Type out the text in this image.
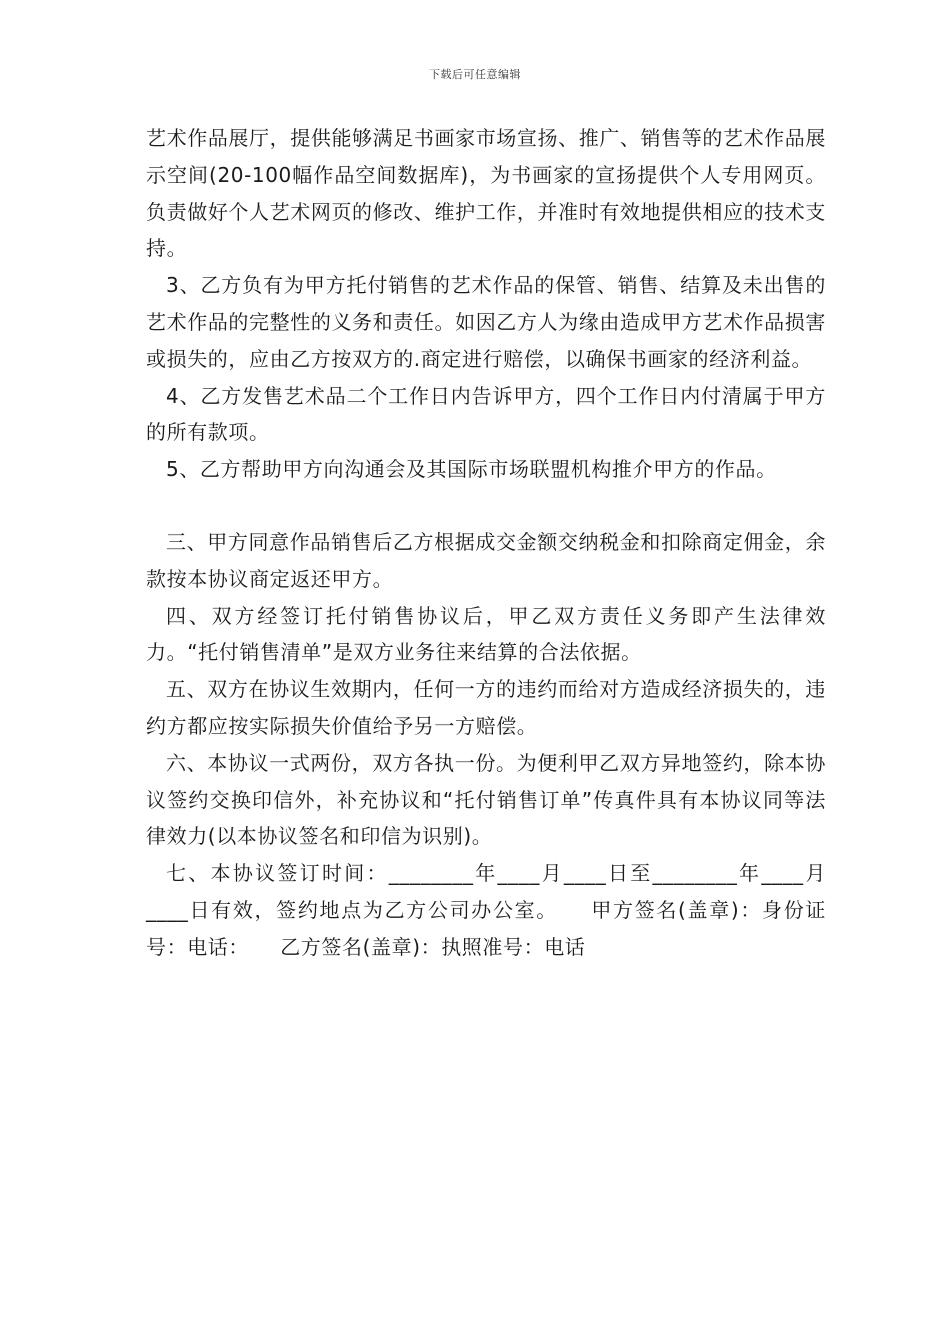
下载后可任意编辑

艺术作品展厅，提供能够满足书画家市场宣扬、推广、销售等的艺术作品展示空间(20-100幅作品空间数据库)，为书画家的宣扬提供个人专用网页。负责做好个人艺术网页的修改、维护工作，并准时有效地提供相应的技术支持。

3、乙方负有为甲方托付销售的艺术作品的保管、销售、结算及未出售的艺术作品的完整性的义务和责任。如因乙方人为缘由造成甲方艺术作品损害或损失的，应由乙方按双方的.商定进行赔偿，以确保书画家的经济利益。

4、乙方发售艺术品二个工作日内告诉甲方，四个工作日内付清属于甲方的所有款项。

5、乙方帮助甲方向沟通会及其国际市场联盟机构推介甲方的作品。

三、甲方同意作品销售后乙方根据成交金额交纳税金和扣除商定佣金，余款按本协议商定返还甲方。

四、双方经签订托付销售协议后，甲乙双方责任义务即产生法律效力。“托付销售清单”是双方业务往来结算的合法依据。

五、双方在协议生效期内，任何一方的违约而给对方造成经济损失的，违约方都应按实际损失价值给予另一方赔偿。

六、本协议一式两份，双方各执一份。为便利甲乙双方异地签约，除本协议签约交换印信外，补充协议和“托付销售订单”传真件具有本协议同等法律效力(以本协议签名和印信为识别)。

七、本协议签订时间：________年____月____日至________年____月____日有效，签约地点为乙方公司办公室。　　甲方签名(盖章)：身份证号：电话：　　乙方签名(盖章)：执照准号：电话
